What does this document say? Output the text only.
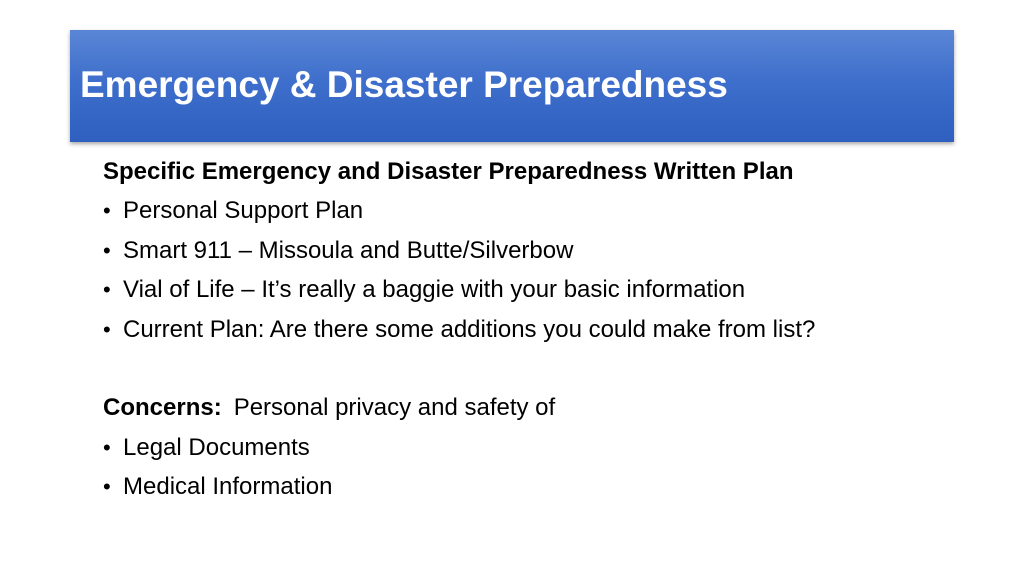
Emergency & Disaster Preparedness
Specific Emergency and Disaster Preparedness Written Plan
• Personal Support Plan
• Smart 911 – Missoula and Butte/Silverbow
• Vial of Life – It’s really a baggie with your basic information
• Current Plan: Are there some additions you could make from list?
Concerns: Personal privacy and safety of
• Legal Documents
• Medical Information
